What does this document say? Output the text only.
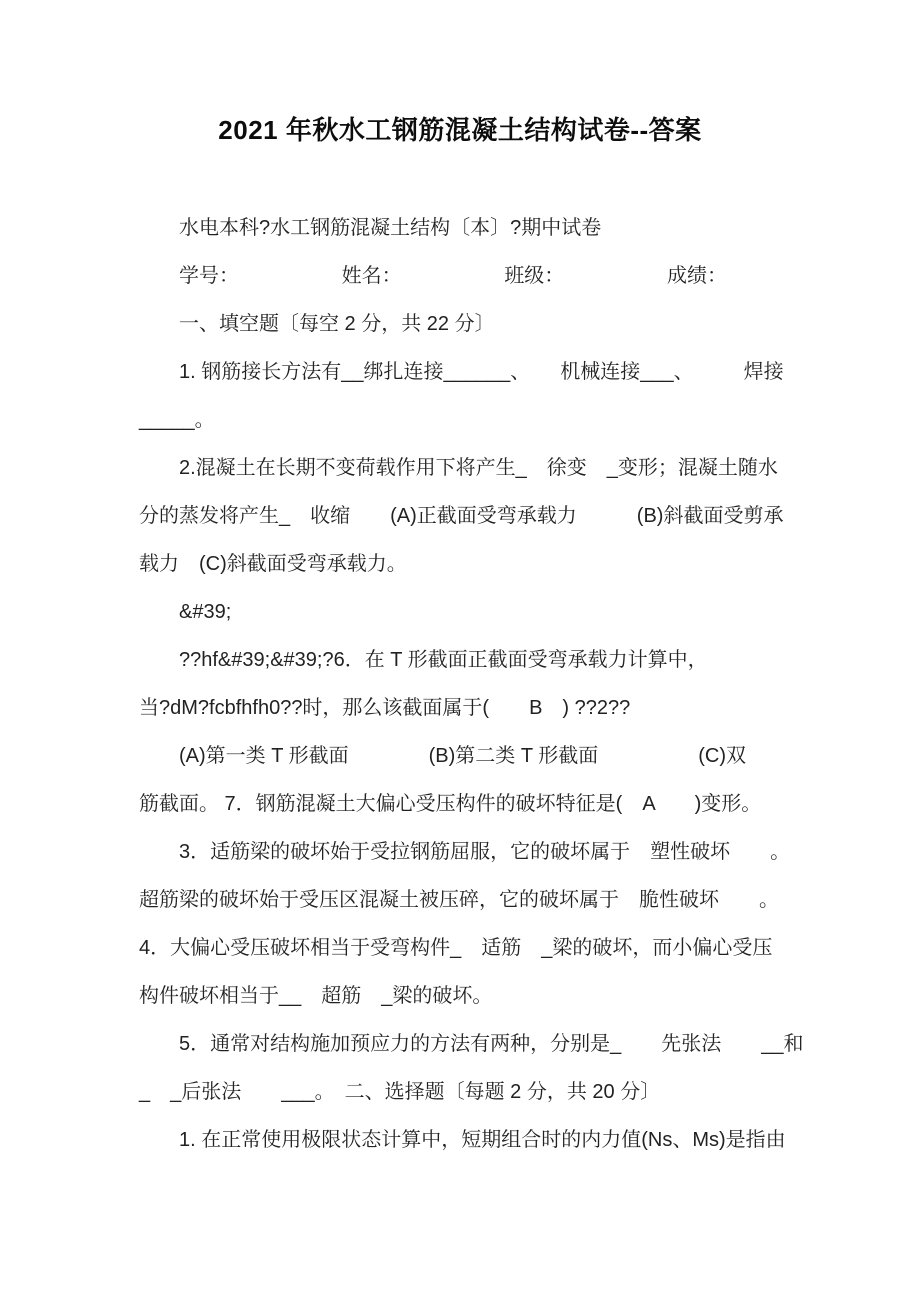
2021 年秋水工钢筋混凝土结构试卷--答案
水电本科?水工钢筋混凝土结构〔本〕?期中试卷
学号：	姓名：	班级：	成绩：
一、填空题〔每空 2 分，共 22 分〕
1. 钢筋接长方法有__绑扎连接______、　　机械连接___、　　　焊接
_____。
2.混凝土在长期不变荷载作用下将产生_　徐变　_变形；混凝土随水
分的蒸发将产生_　收缩　　(A)正截面受弯承载力　　　(B)斜截面受剪承
载力　(C)斜截面受弯承载力。
&#39;
??hf&#39;&#39;?6．在 T 形截面正截面受弯承载力计算中，
当?dM?fcbfhfh0??时，那么该截面属于(　　B　) ??2??
(A)第一类 T 形截面　　　　(B)第二类 T 形截面　　　　　(C)双
筋截面。 7．钢筋混凝土大偏心受压构件的破坏特征是(　A　　)变形。
3．适筋梁的破坏始于受拉钢筋屈服，它的破坏属于　塑性破坏　　。
超筋梁的破坏始于受压区混凝土被压碎，它的破坏属于　脆性破坏　　。
4．大偏心受压破坏相当于受弯构件_　适筋　_梁的破坏，而小偏心受压
构件破坏相当于__　超筋　_梁的破坏。
5．通常对结构施加预应力的方法有两种，分别是_　　先张法　　__和
_　_后张法　　___。　二、选择题〔每题 2 分，共 20 分〕
1. 在正常使用极限状态计算中，短期组合时的内力值(Ns、Ms)是指由
